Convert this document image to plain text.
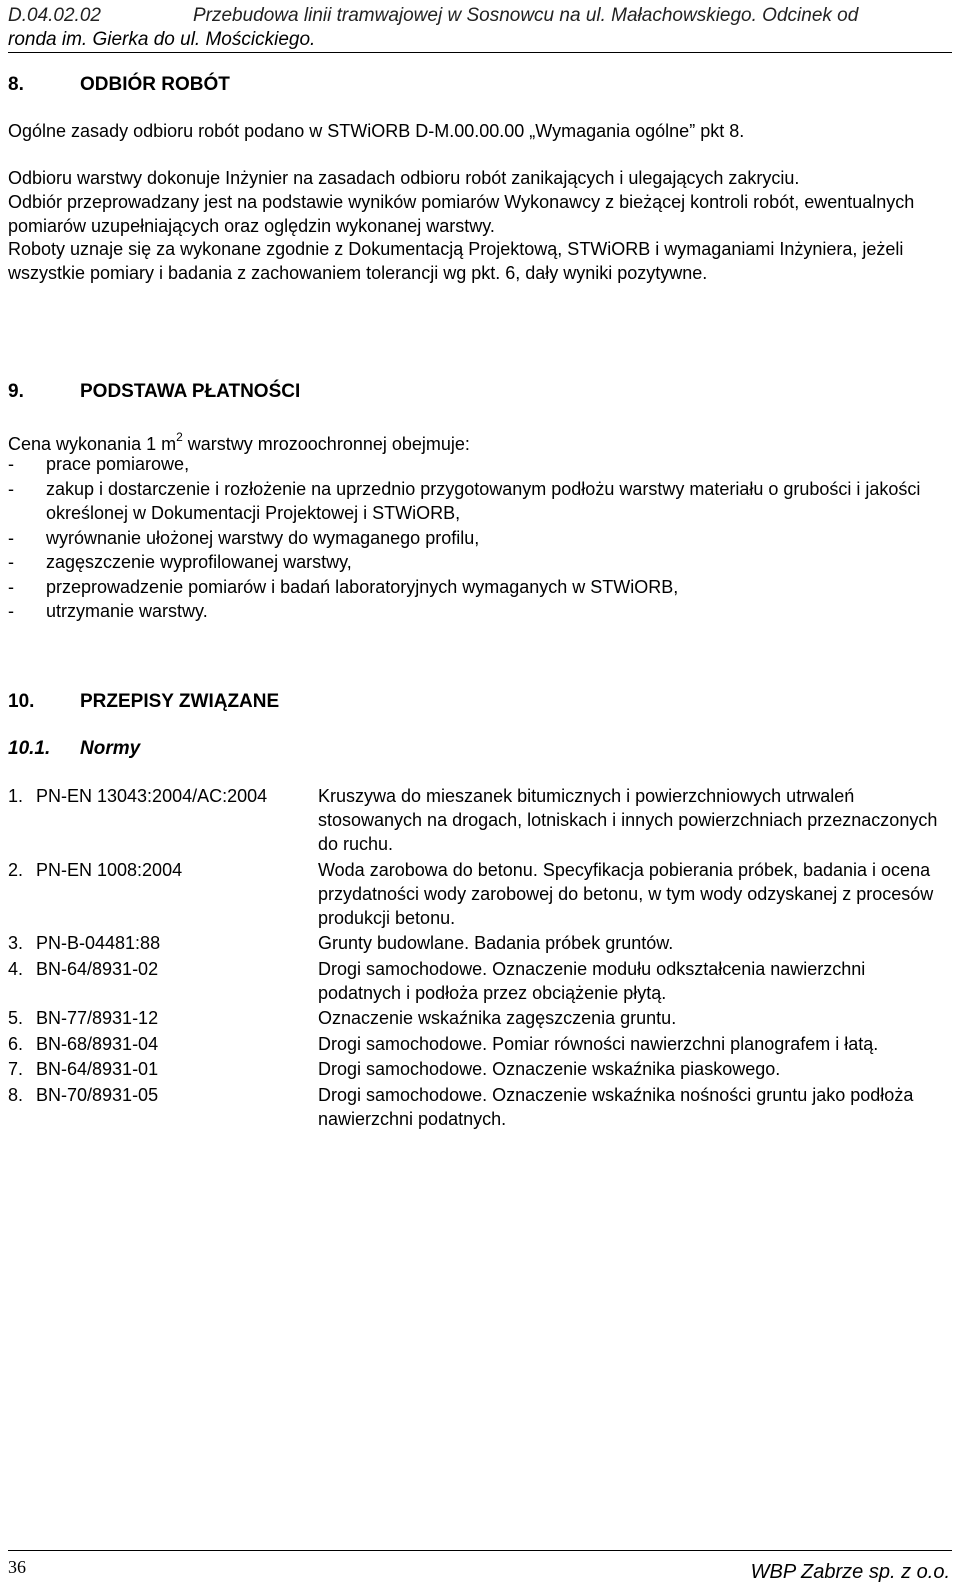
D.04.02.02	Przebudowa linii tramwajowej w Sosnowcu na ul. Małachowskiego. Odcinek od
ronda im. Gierka do ul. Mościckiego.
8.	ODBIÓR ROBÓT
Ogólne zasady odbioru robót podano w STWiORB D-M.00.00.00 „Wymagania ogólne” pkt 8.
Odbioru warstwy dokonuje Inżynier na zasadach odbioru robót zanikających i ulegających zakryciu.
Odbiór przeprowadzany jest na podstawie wyników pomiarów Wykonawcy z bieżącej kontroli robót, ewentualnych pomiarów uzupełniających oraz oględzin wykonanej warstwy.
Roboty uznaje się za wykonane zgodnie z Dokumentacją Projektową, STWiORB i wymaganiami Inżyniera, jeżeli wszystkie pomiary i badania z zachowaniem tolerancji wg pkt. 6, dały wyniki pozytywne.
9.	PODSTAWA PŁATNOŚCI
Cena wykonania 1 $m^2$ warstwy mrozoochronnej obejmuje:
-	prace pomiarowe,
-	zakup i dostarczenie i rozłożenie na uprzednio przygotowanym podłożu warstwy materiału o grubości i jakości określonej w Dokumentacji Projektowej i STWiORB,
-	wyrównanie ułożonej warstwy do wymaganego profilu,
-	zagęszczenie wyprofilowanej warstwy,
-	przeprowadzenie pomiarów i badań laboratoryjnych wymaganych w STWiORB,
-	utrzymanie warstwy.
10. PRZEPISY ZWIĄZANE
10.1. Normy
1. PN-EN 13043:2004/AC:2004	Kruszywa do mieszanek bitumicznych i powierzchniowych utrwaleń stosowanych na drogach, lotniskach i innych powierzchniach przeznaczonych do ruchu.
2. PN-EN 1008:2004	Woda zarobowa do betonu. Specyfikacja pobierania próbek, badania i ocena przydatności wody zarobowej do betonu, w tym wody odzyskanej z procesów produkcji betonu.
3. PN-B-04481:88	Grunty budowlane. Badania próbek gruntów.
4. BN-64/8931-02	Drogi samochodowe. Oznaczenie modułu odkształcenia nawierzchni podatnych i podłoża przez obciążenie płytą.
5. BN-77/8931-12	Oznaczenie wskaźnika zagęszczenia gruntu.
6. BN-68/8931-04	Drogi samochodowe. Pomiar równości nawierzchni planografem i łatą.
7. BN-64/8931-01	Drogi samochodowe. Oznaczenie wskaźnika piaskowego.
8. BN-70/8931-05	Drogi samochodowe. Oznaczenie wskaźnika nośności gruntu jako podłoża nawierzchni podatnych.
36	WBP Zabrze sp. z o.o.
